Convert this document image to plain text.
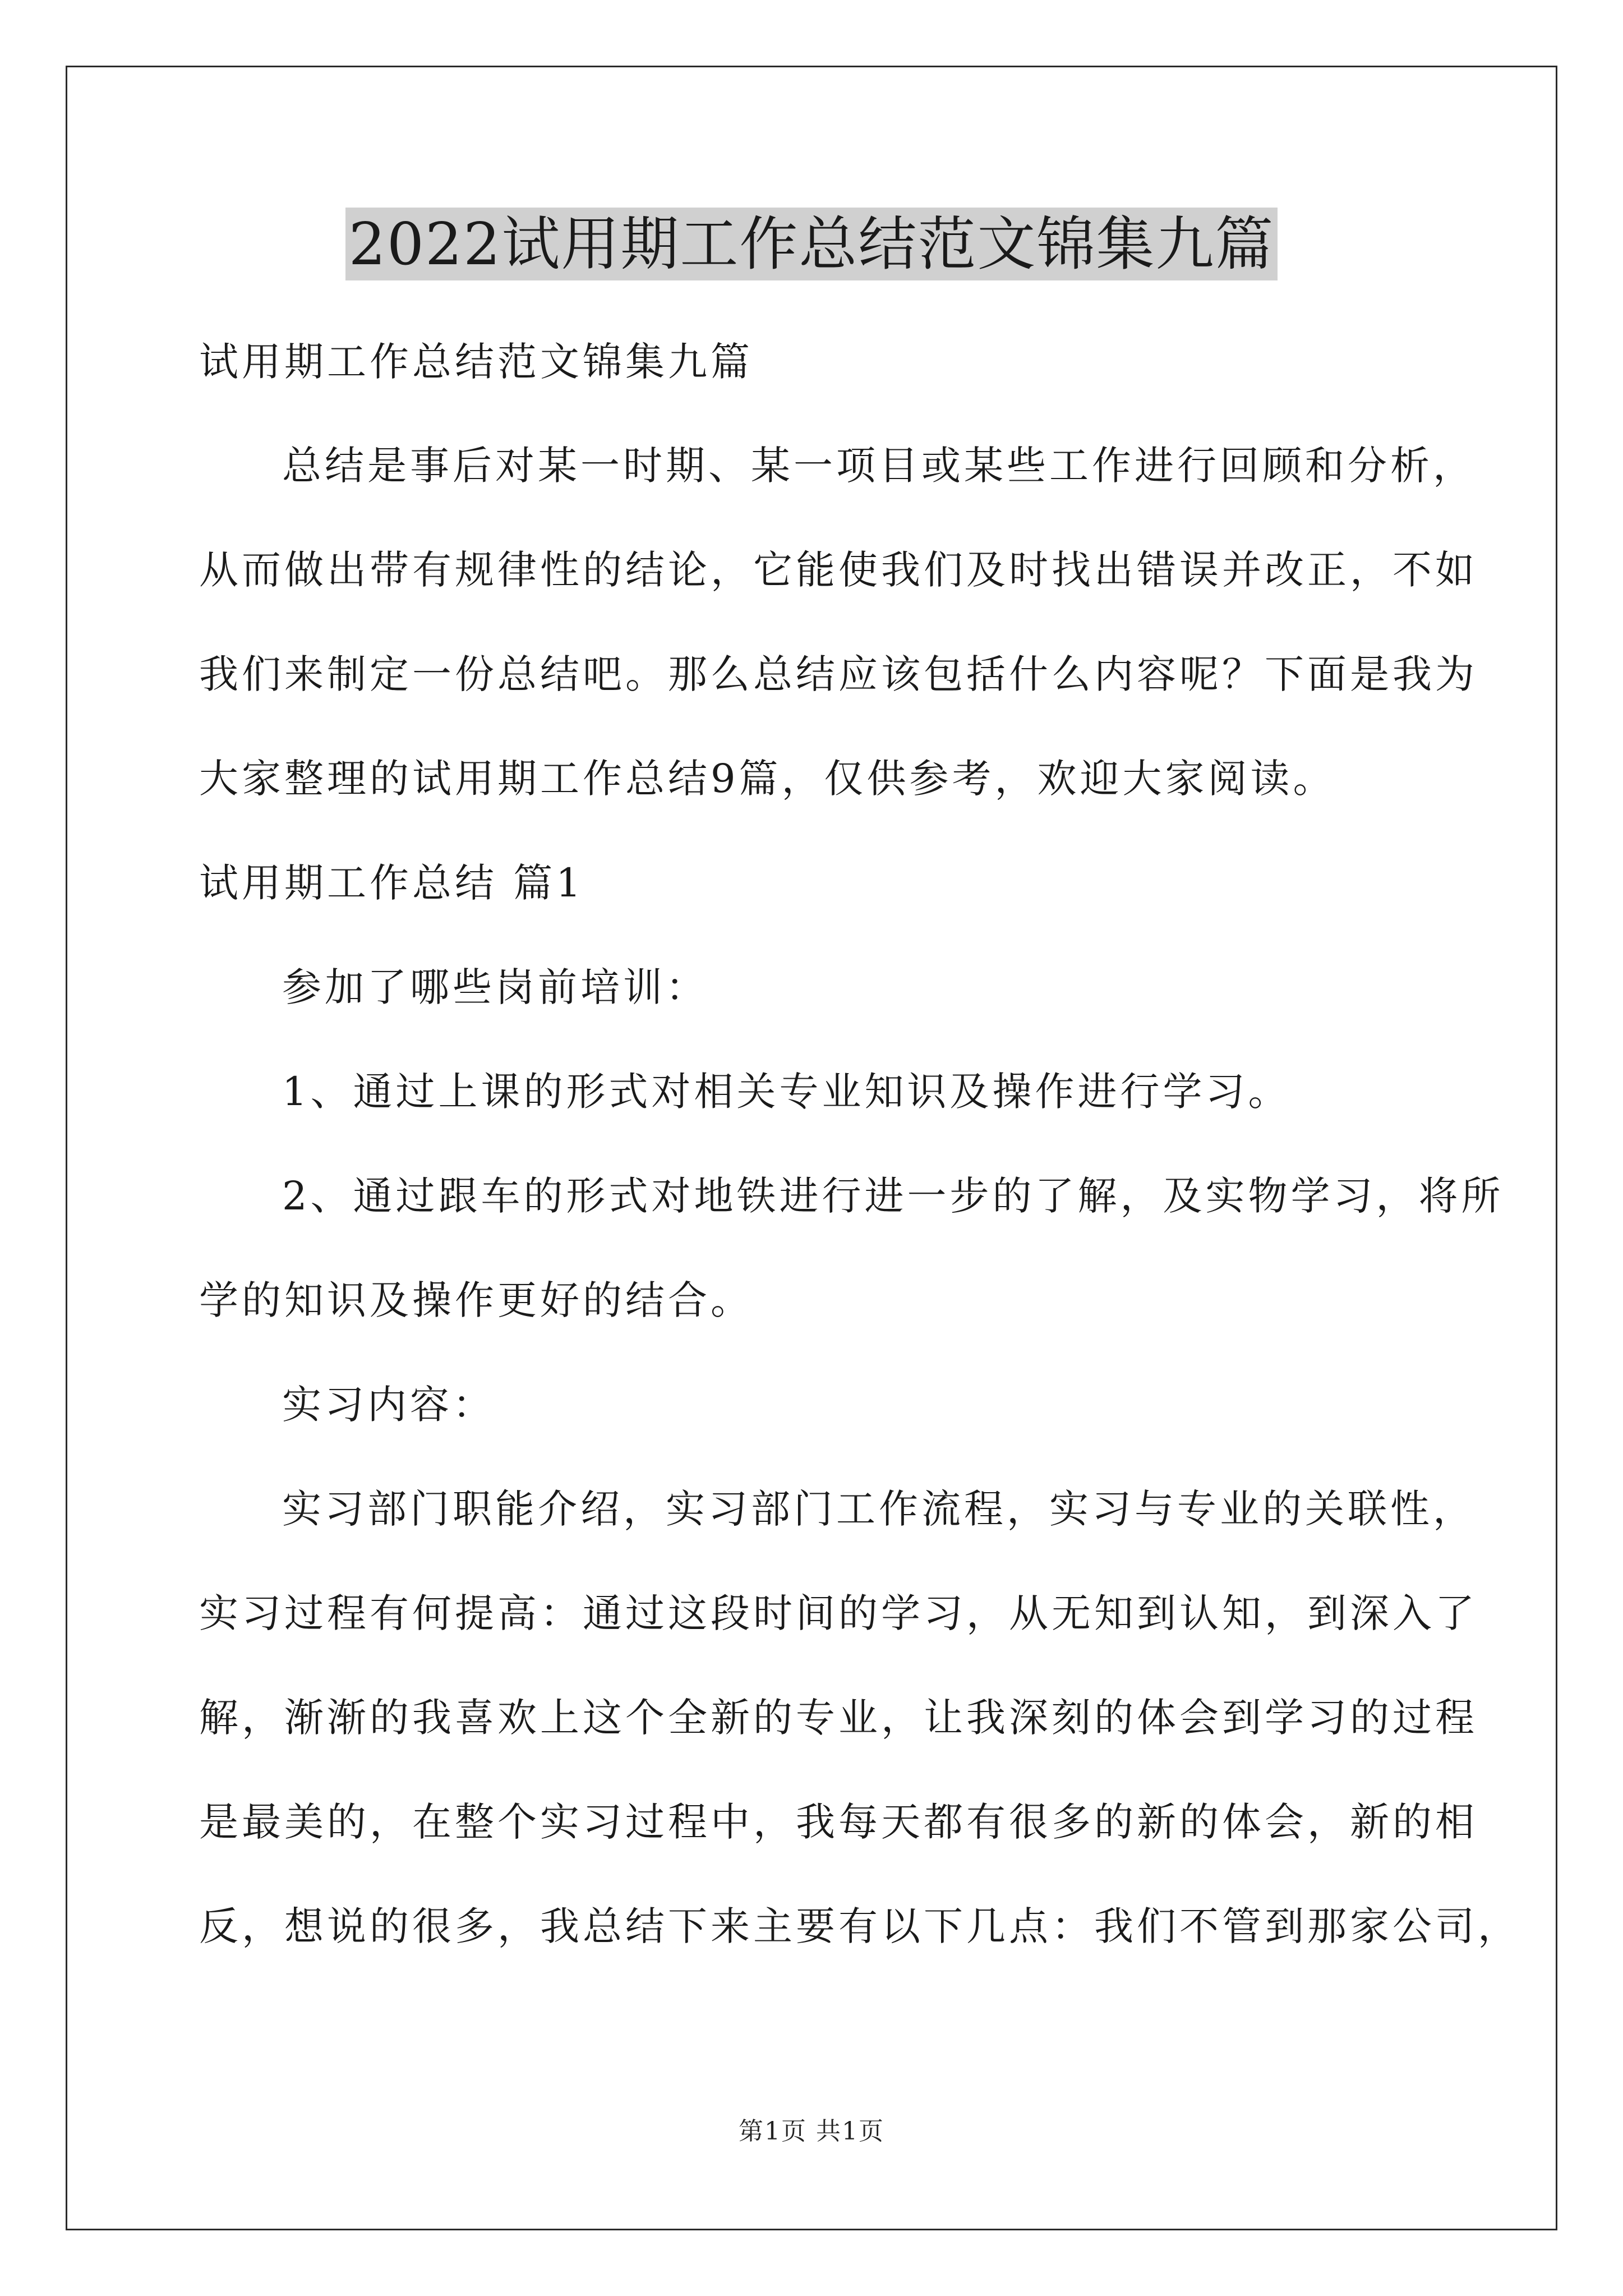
2022试用期工作总结范文锦集九篇

试用期工作总结范文锦集九篇

总结是事后对某一时期、某一项目或某些工作进行回顾和分析，

从而做出带有规律性的结论，它能使我们及时找出错误并改正，不如

我们来制定一份总结吧。那么总结应该包括什么内容呢？下面是我为

大家整理的试用期工作总结9篇，仅供参考，欢迎大家阅读。

试用期工作总结 篇1

参加了哪些岗前培训：

1、通过上课的形式对相关专业知识及操作进行学习。

2、通过跟车的形式对地铁进行进一步的了解，及实物学习，将所

学的知识及操作更好的结合。

实习内容：

实习部门职能介绍，实习部门工作流程，实习与专业的关联性，

实习过程有何提高：通过这段时间的学习，从无知到认知，到深入了

解，渐渐的我喜欢上这个全新的专业，让我深刻的体会到学习的过程

是最美的，在整个实习过程中，我每天都有很多的新的体会，新的相

反，想说的很多，我总结下来主要有以下几点：我们不管到那家公司，

第1页 共1页
